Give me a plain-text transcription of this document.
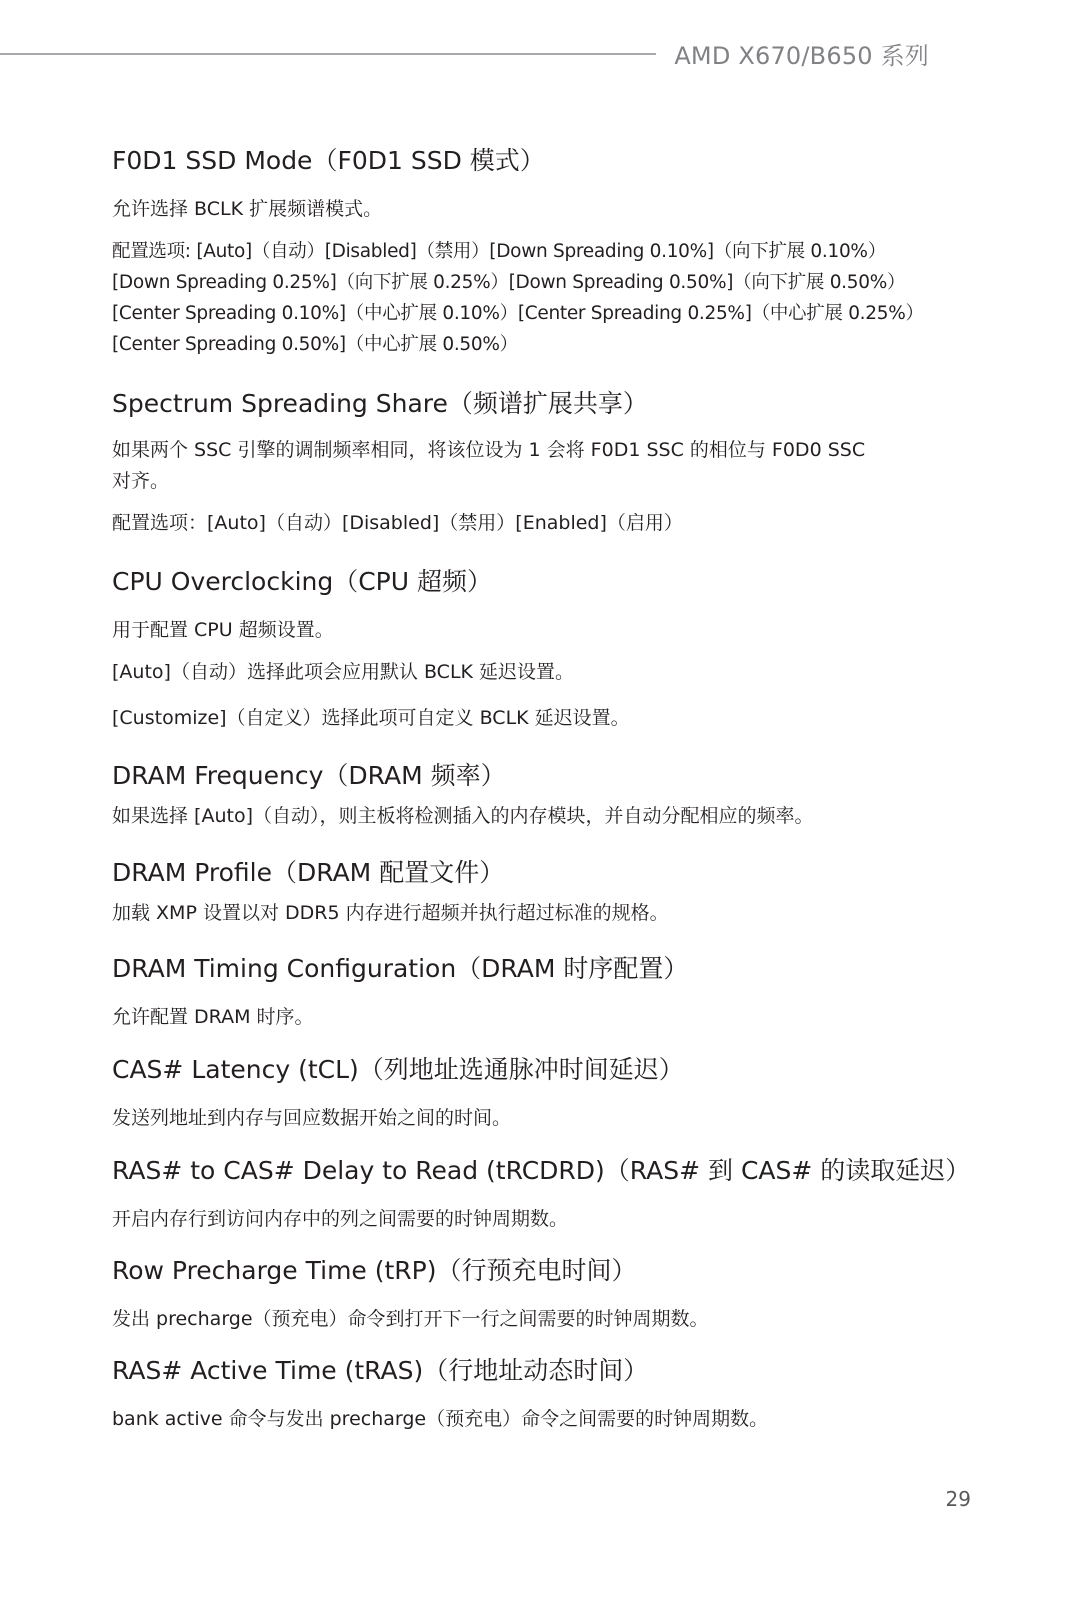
AMD X670/B650 系列
F0D1 SSD Mode（F0D1 SSD 模式）

允许选择 BCLK 扩展频谱模式。

配置选项: [Auto]（自动）[Disabled]（禁用）[Down Spreading 0.10%]（向下扩展 0.10%）

[Down Spreading 0.25%]（向下扩展 0.25%）[Down Spreading 0.50%]（向下扩展 0.50%）

[Center Spreading 0.10%]（中心扩展 0.10%）[Center Spreading 0.25%]（中心扩展 0.25%）

[Center Spreading 0.50%]（中心扩展 0.50%）

Spectrum Spreading Share（频谱扩展共享）

如果两个 SSC 引擎的调制频率相同，将该位设为 1 会将 F0D1 SSC 的相位与 F0D0 SSC

对齐。

配置选项：[Auto]（自动）[Disabled]（禁用）[Enabled]（启用）

CPU Overclocking（CPU 超频）

用于配置 CPU 超频设置。

[Auto]（自动）选择此项会应用默认 BCLK 延迟设置。

[Customize]（自定义）选择此项可自定义 BCLK 延迟设置。

DRAM Frequency（DRAM 频率）

如果选择 [Auto]（自动），则主板将检测插入的内存模块，并自动分配相应的频率。

DRAM Profile（DRAM 配置文件）

加载 XMP 设置以对 DDR5 内存进行超频并执行超过标准的规格。

DRAM Timing Configuration（DRAM 时序配置）

允许配置 DRAM 时序。

CAS# Latency (tCL)（列地址选通脉冲时间延迟）

发送列地址到内存与回应数据开始之间的时间。

RAS# to CAS# Delay to Read (tRCDRD)（RAS# 到 CAS# 的读取延迟）

开启内存行到访问内存中的列之间需要的时钟周期数。

Row Precharge Time (tRP)（行预充电时间）

发出 precharge（预充电）命令到打开下一行之间需要的时钟周期数。

RAS# Active Time (tRAS)（行地址动态时间）

bank active 命令与发出 precharge（预充电）命令之间需要的时钟周期数。

29
